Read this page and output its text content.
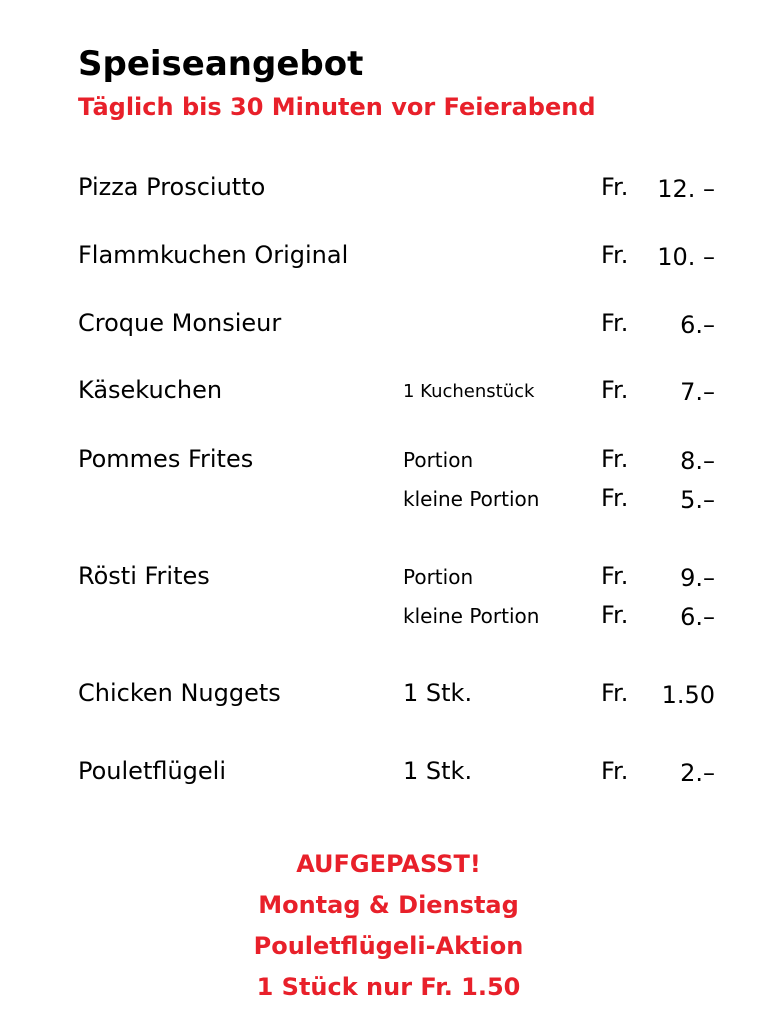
Speiseangebot
Täglich bis 30 Minuten vor Feierabend
Pizza Prosciutto	Fr. 12. –
Flammkuchen Original	Fr. 10. –
Croque Monsieur	Fr. 6.–
Käsekuchen	1 Kuchenstück	Fr. 7.–
Pommes Frites	Portion	Fr. 8.–
kleine Portion	Fr. 5.–
Rösti Frites	Portion	Fr. 9.–
kleine Portion	Fr. 6.–
Chicken Nuggets	1 Stk.	Fr. 1.50
Pouletflügeli	1 Stk.	Fr. 2.–
AUFGEPASST!
Montag & Dienstag
Pouletflügeli-Aktion
1 Stück nur Fr. 1.50
